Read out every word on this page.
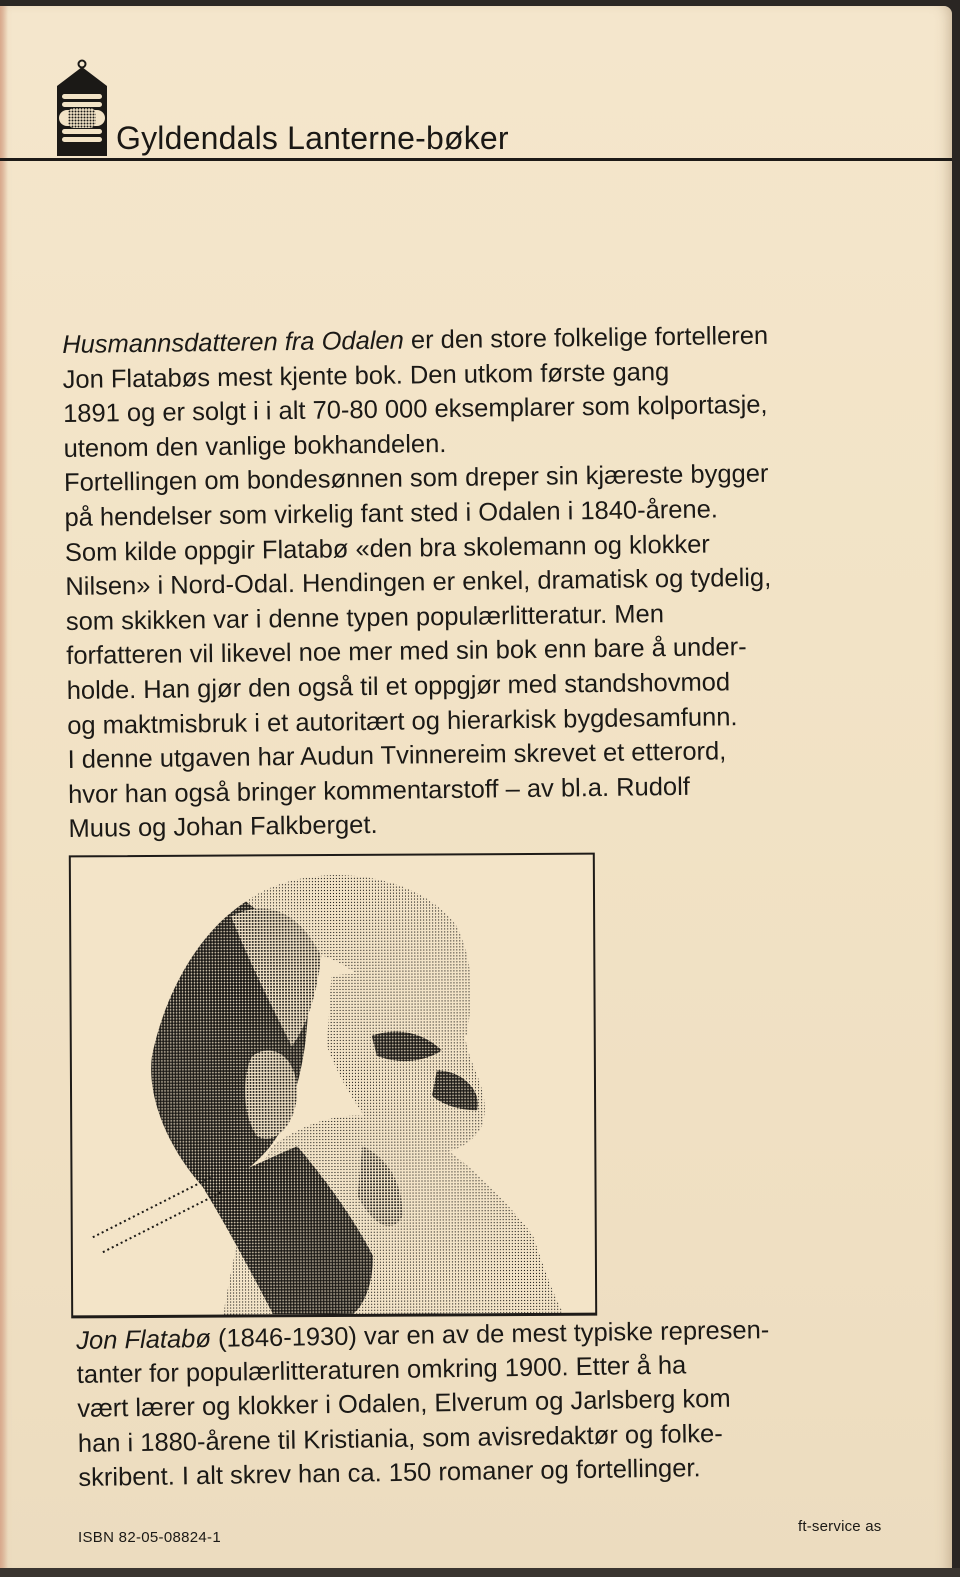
Gyldendals Lanterne-bøker
Husmannsdatteren fra Odalen er den store folkelige fortelleren
Jon Flatabøs mest kjente bok. Den utkom første gang
1891 og er solgt i i alt 70-80 000 eksemplarer som kolportasje,
utenom den vanlige bokhandelen.
Fortellingen om bondesønnen som dreper sin kjæreste bygger
på hendelser som virkelig fant sted i Odalen i 1840-årene.
Som kilde oppgir Flatabø «den bra skolemann og klokker
Nilsen» i Nord-Odal. Hendingen er enkel, dramatisk og tydelig,
som skikken var i denne typen populærlitteratur. Men
forfatteren vil likevel noe mer med sin bok enn bare å under-
holde. Han gjør den også til et oppgjør med standshovmod
og maktmisbruk i et autoritært og hierarkisk bygdesamfunn.
I denne utgaven har Audun Tvinnereim skrevet et etterord,
hvor han også bringer kommentarstoff – av bl.a. Rudolf
Muus og Johan Falkberget.
Jon Flatabø (1846-1930) var en av de mest typiske represen-
tanter for populærlitteraturen omkring 1900. Etter å ha
vært lærer og klokker i Odalen, Elverum og Jarlsberg kom
han i 1880-årene til Kristiania, som avisredaktør og folke-
skribent. I alt skrev han ca. 150 romaner og fortellinger.
ISBN 82-05-08824-1
ft-service as
